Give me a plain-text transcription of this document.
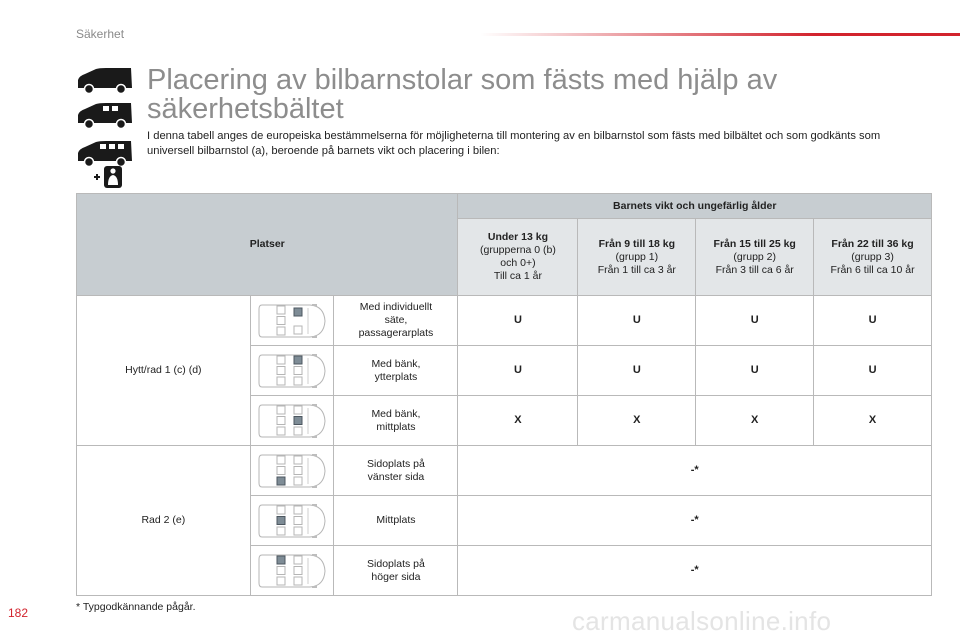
Säkerhet
Placering av bilbarnstolar som fästs med hjälp av säkerhetsbältet

I denna tabell anges de europeiska bestämmelserna för möjligheterna till montering av en bilbarnstol som fästs med bilbältet och som godkänts som universell bilbarnstol (a), beroende på barnets vikt och placering i bilen:

Platser			Barnets vikt och ungefärlig ålder			
			Under 13 kg
(grupperna 0 (b)
och 0+)
Till ca 1 år	Från 9 till 18 kg
(grupp 1)
Från 1 till ca 3 år	Från 15 till 25 kg
(grupp 2)
Från 3 till ca 6 år	Från 22 till 36 kg
(grupp 3)
Från 6 till ca 10 år
Hytt/rad 1 (c) (d)		Med individuellt
säte,
passagerarplats	U	U	U	U

	Med bänk,
ytterplats	U	U	U	U

	Med bänk,
mittplats	X	X	X	X
Rad 2 (e)		Sidoplats på
vänster sida	-*			

	Mittplats	-*			

	Sidoplats på
höger sida	-*			
* Typgodkännande pågår.
182	carmanualsonline.info
